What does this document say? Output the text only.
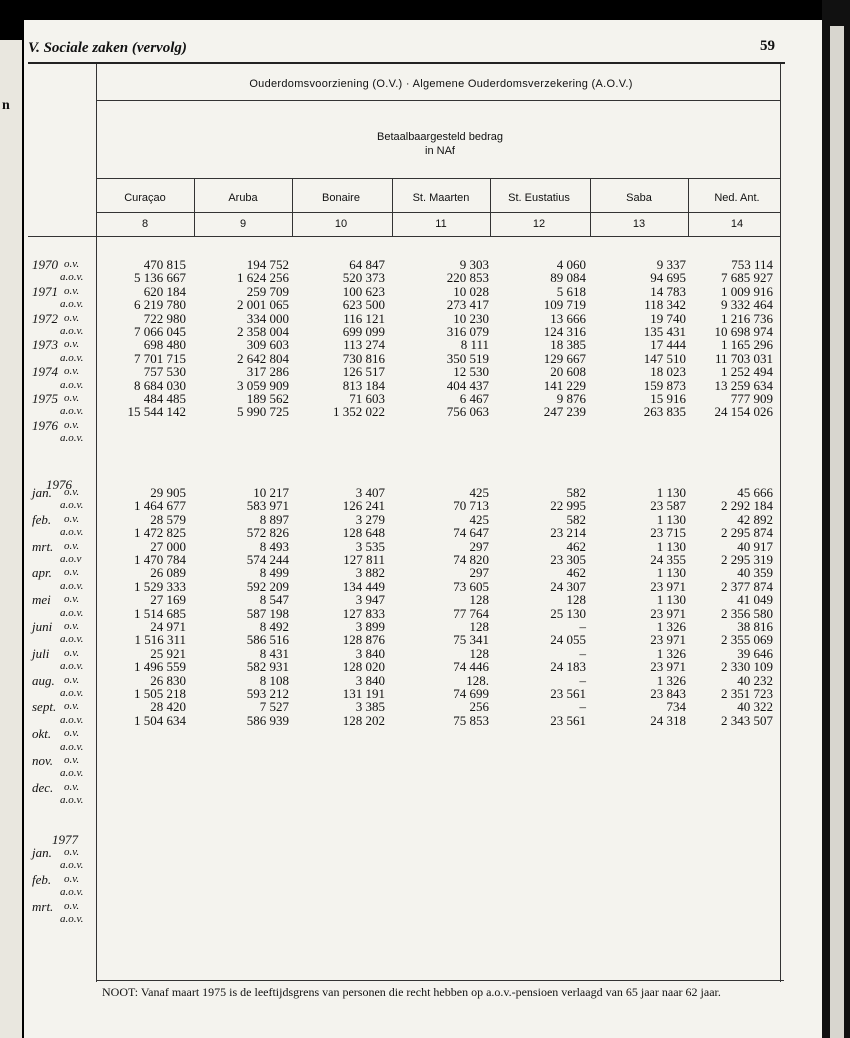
n
V. Sociale zaken (vervolg)	59
Ouderdomsvoorziening (O.V.) · Algemene Ouderdomsverzekering (A.O.V.)
Betaalbaargesteld bedrag
in NAf
Curaçao
8
Aruba
9
Bonaire
10
St. Maarten
11
St. Eustatius
12
Saba
13
Ned. Ant.
14
1970 o.v.	470 815	194 752	64 847	9 303	4 060	9 337	753 114
a.o.v.	5 136 667	1 624 256	520 373	220 853	89 084	94 695	7 685 927
1971 o.v.	620 184	259 709	100 623	10 028	5 618	14 783	1 009 916
a.o.v.	6 219 780	2 001 065	623 500	273 417	109 719	118 342	9 332 464
1972 o.v.	722 980	334 000	116 121	10 230	13 666	19 740	1 216 736
a.o.v.	7 066 045	2 358 004	699 099	316 079	124 316	135 431	10 698 974
1973 o.v.	698 480	309 603	113 274	8 111	18 385	17 444	1 165 296
a.o.v.	7 701 715	2 642 804	730 816	350 519	129 667	147 510	11 703 031
1974 o.v.	757 530	317 286	126 517	12 530	20 608	18 023	1 252 494
a.o.v.	8 684 030	3 059 909	813 184	404 437	141 229	159 873	13 259 634
1975 o.v.	484 485	189 562	71 603	6 467	9 876	15 916	777 909
a.o.v.	15 544 142	5 990 725	1 352 022	756 063	247 239	263 835	24 154 026
1976 o.v.
a.o.v.
1976
jan. o.v.	29 905	10 217	3 407	425	582	1 130	45 666
a.o.v.	1 464 677	583 971	126 241	70 713	22 995	23 587	2 292 184
feb. o.v.	28 579	8 897	3 279	425	582	1 130	42 892
a.o.v.	1 472 825	572 826	128 648	74 647	23 214	23 715	2 295 874
mrt. o.v.	27 000	8 493	3 535	297	462	1 130	40 917
a.o.v	1 470 784	574 244	127 811	74 820	23 305	24 355	2 295 319
apr. o.v.	26 089	8 499	3 882	297	462	1 130	40 359
a.o.v.	1 529 333	592 209	134 449	73 605	24 307	23 971	2 377 874
mei o.v.	27 169	8 547	3 947	128	128	1 130	41 049
a.o.v.	1 514 685	587 198	127 833	77 764	25 130	23 971	2 356 580
juni o.v.	24 971	8 492	3 899	128	–	1 326	38 816
a.o.v.	1 516 311	586 516	128 876	75 341	24 055	23 971	2 355 069
juli o.v.	25 921	8 431	3 840	128	–	1 326	39 646
a.o.v.	1 496 559	582 931	128 020	74 446	24 183	23 971	2 330 109
aug. o.v.	26 830	8 108	3 840	128.	–	1 326	40 232
a.o.v.	1 505 218	593 212	131 191	74 699	23 561	23 843	2 351 723
sept. o.v.	28 420	7 527	3 385	256	–	734	40 322
a.o.v.	1 504 634	586 939	128 202	75 853	23 561	24 318	2 343 507
okt. o.v.
a.o.v.
nov. o.v.
a.o.v.
dec. o.v.
a.o.v.
1977
jan. o.v.
a.o.v.
feb. o.v.
a.o.v.
mrt. o.v.
a.o.v.
NOOT: Vanaf maart 1975 is de leeftijdsgrens van personen die recht hebben op a.o.v.-pensioen verlaagd van 65 jaar naar 62 jaar.
